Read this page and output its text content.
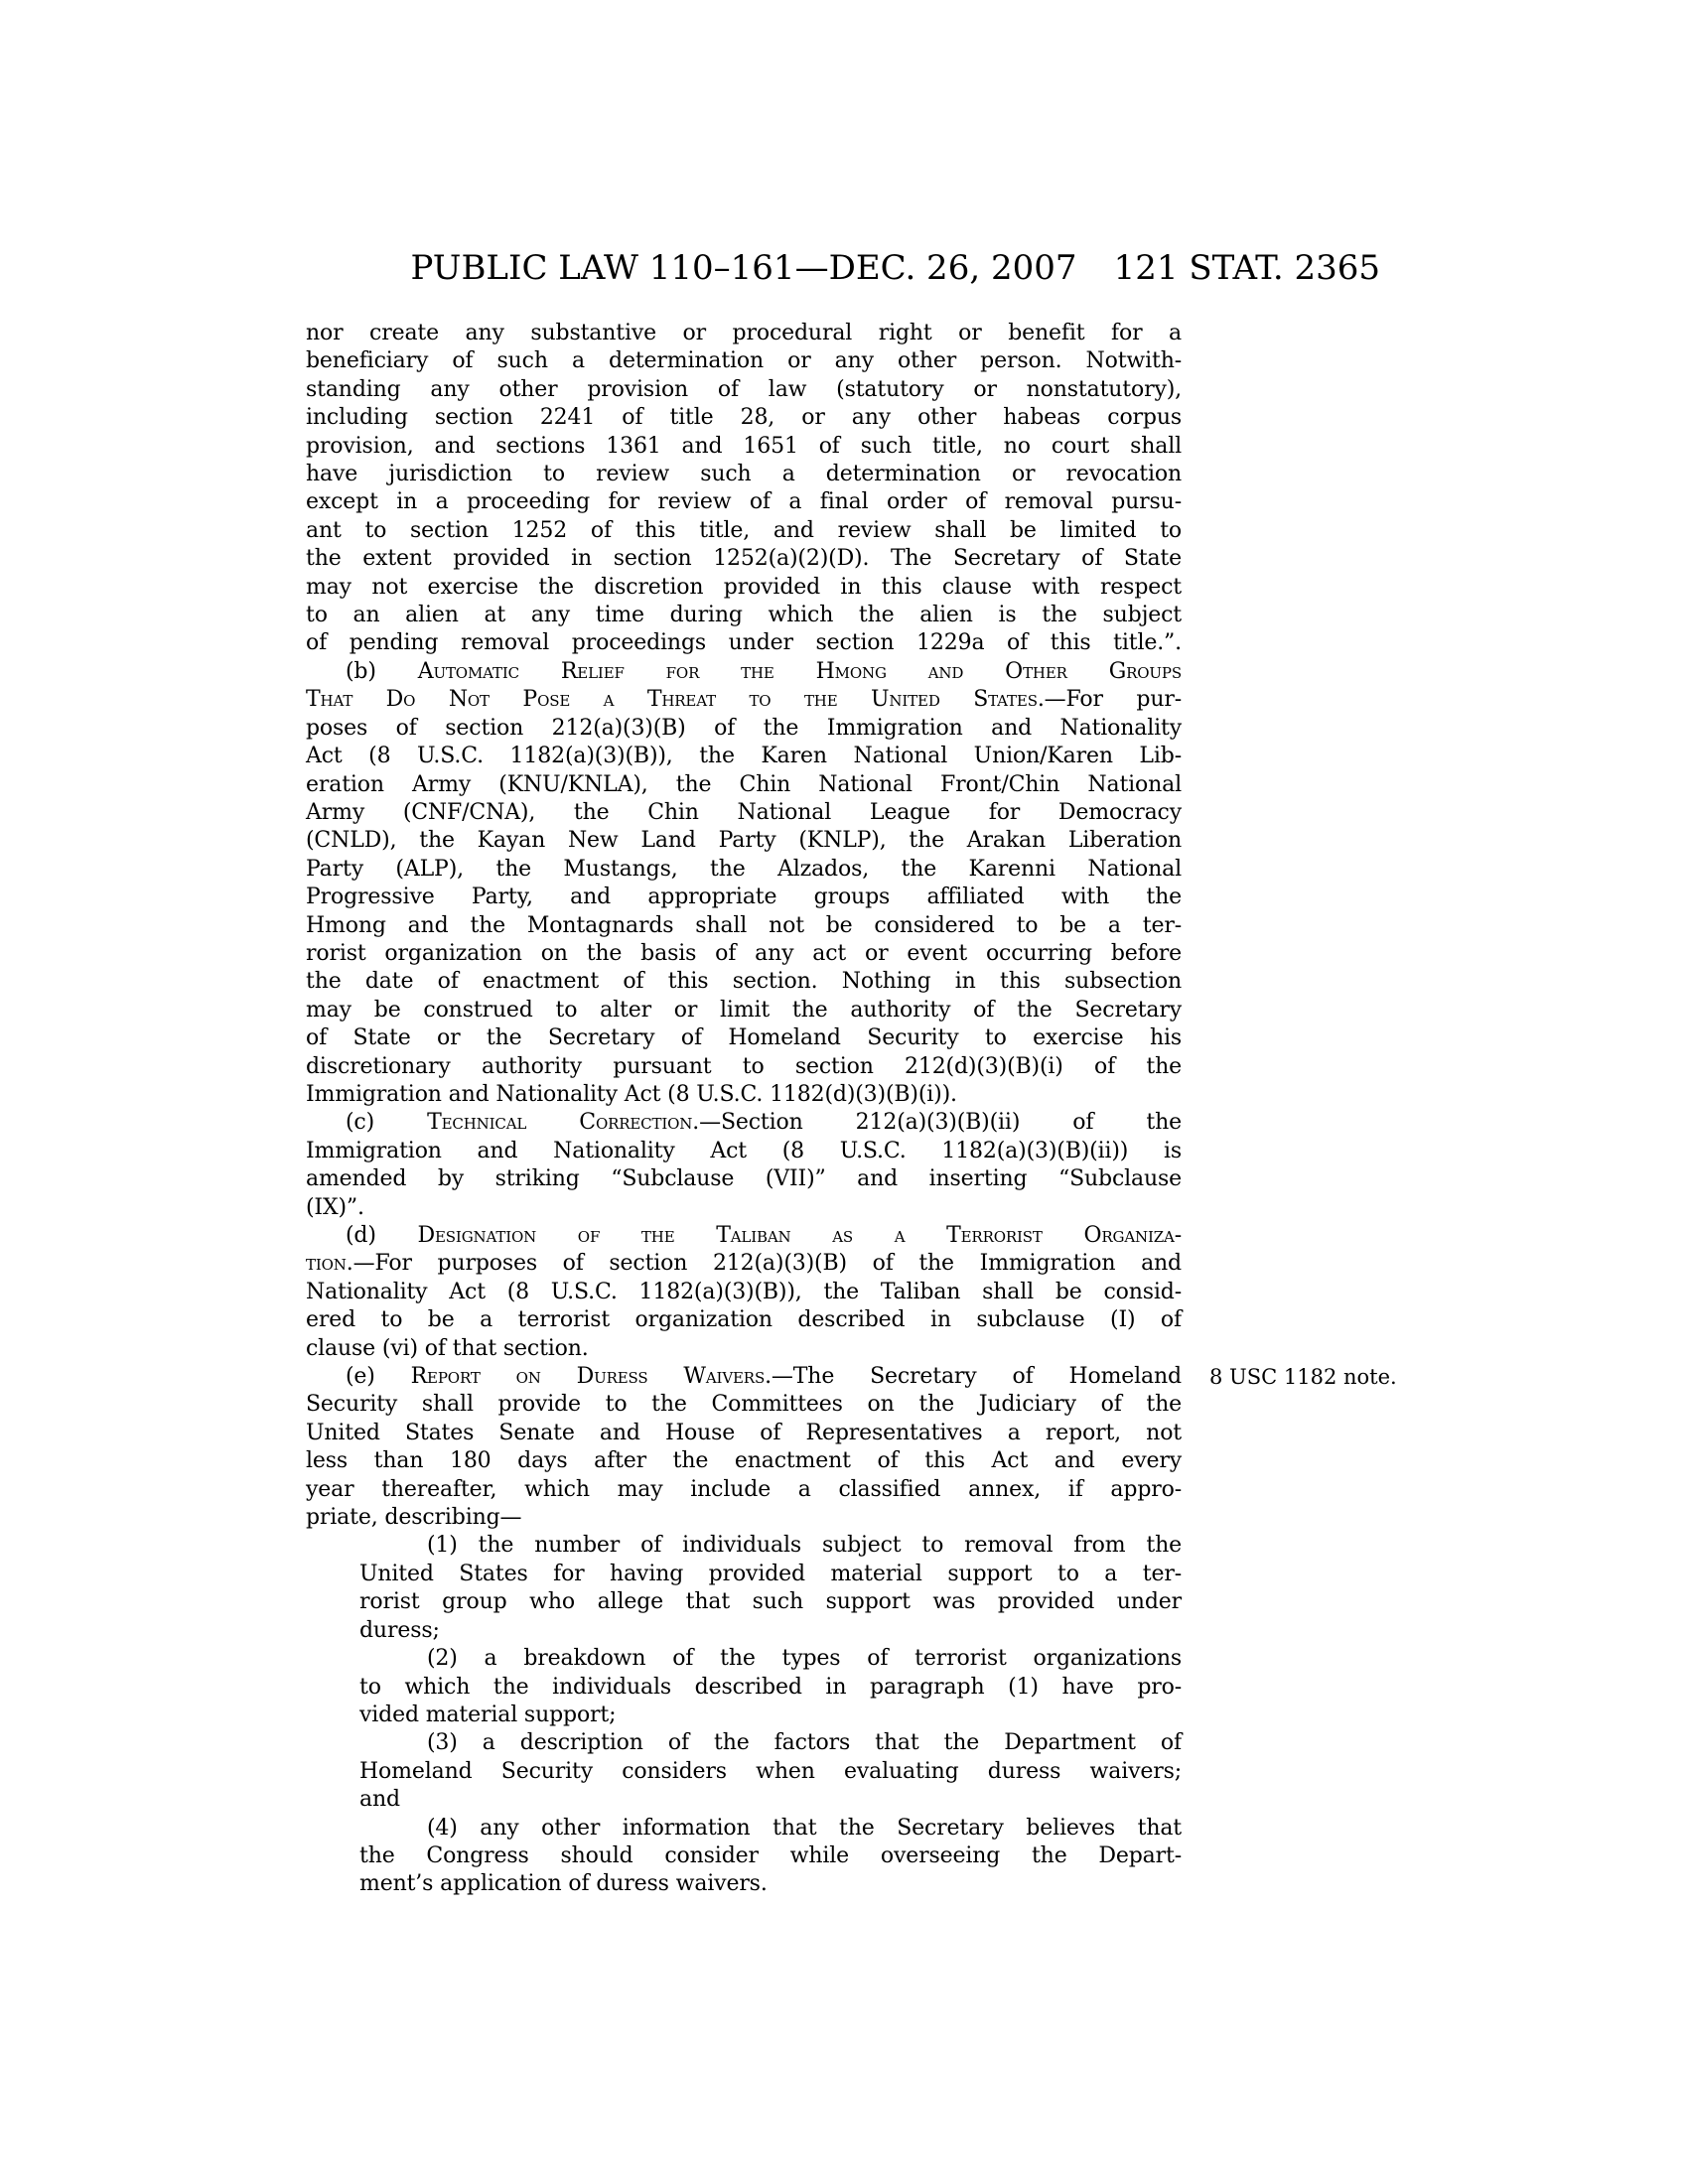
PUBLIC LAW 110–161—DEC. 26, 2007	121 STAT. 2365
nor create any substantive or procedural right or benefit for a
beneficiary of such a determination or any other person. Notwith-
standing any other provision of law (statutory or nonstatutory),
including section 2241 of title 28, or any other habeas corpus
provision, and sections 1361 and 1651 of such title, no court shall
have jurisdiction to review such a determination or revocation
except in a proceeding for review of a final order of removal pursu-
ant to section 1252 of this title, and review shall be limited to
the extent provided in section 1252(a)(2)(D). The Secretary of State
may not exercise the discretion provided in this clause with respect
to an alien at any time during which the alien is the subject
of pending removal proceedings under section 1229a of this title.”.
(b) Automatic Relief for the Hmong and Other Groups
That Do Not Pose a Threat to the United States.—For pur-
poses of section 212(a)(3)(B) of the Immigration and Nationality
Act (8 U.S.C. 1182(a)(3)(B)), the Karen National Union/Karen Lib-
eration Army (KNU/KNLA), the Chin National Front/Chin National
Army (CNF/CNA), the Chin National League for Democracy
(CNLD), the Kayan New Land Party (KNLP), the Arakan Liberation
Party (ALP), the Mustangs, the Alzados, the Karenni National
Progressive Party, and appropriate groups affiliated with the
Hmong and the Montagnards shall not be considered to be a ter-
rorist organization on the basis of any act or event occurring before
the date of enactment of this section. Nothing in this subsection
may be construed to alter or limit the authority of the Secretary
of State or the Secretary of Homeland Security to exercise his
discretionary authority pursuant to section 212(d)(3)(B)(i) of the
Immigration and Nationality Act (8 U.S.C. 1182(d)(3)(B)(i)).
(c) Technical Correction.—Section 212(a)(3)(B)(ii) of the
Immigration and Nationality Act (8 U.S.C. 1182(a)(3)(B)(ii)) is
amended by striking “Subclause (VII)” and inserting “Subclause
(IX)”.
(d) Designation of the Taliban as a Terrorist Organiza-
tion.—For purposes of section 212(a)(3)(B) of the Immigration and
Nationality Act (8 U.S.C. 1182(a)(3)(B)), the Taliban shall be consid-
ered to be a terrorist organization described in subclause (I) of
clause (vi) of that section.
(e) Report on Duress Waivers.—The Secretary of Homeland
Security shall provide to the Committees on the Judiciary of the
United States Senate and House of Representatives a report, not
less than 180 days after the enactment of this Act and every
year thereafter, which may include a classified annex, if appro-
priate, describing—
(1) the number of individuals subject to removal from the
United States for having provided material support to a ter-
rorist group who allege that such support was provided under
duress;
(2) a breakdown of the types of terrorist organizations
to which the individuals described in paragraph (1) have pro-
vided material support;
(3) a description of the factors that the Department of
Homeland Security considers when evaluating duress waivers;
and
(4) any other information that the Secretary believes that
the Congress should consider while overseeing the Depart-
ment’s application of duress waivers.
8 USC 1182 note.
